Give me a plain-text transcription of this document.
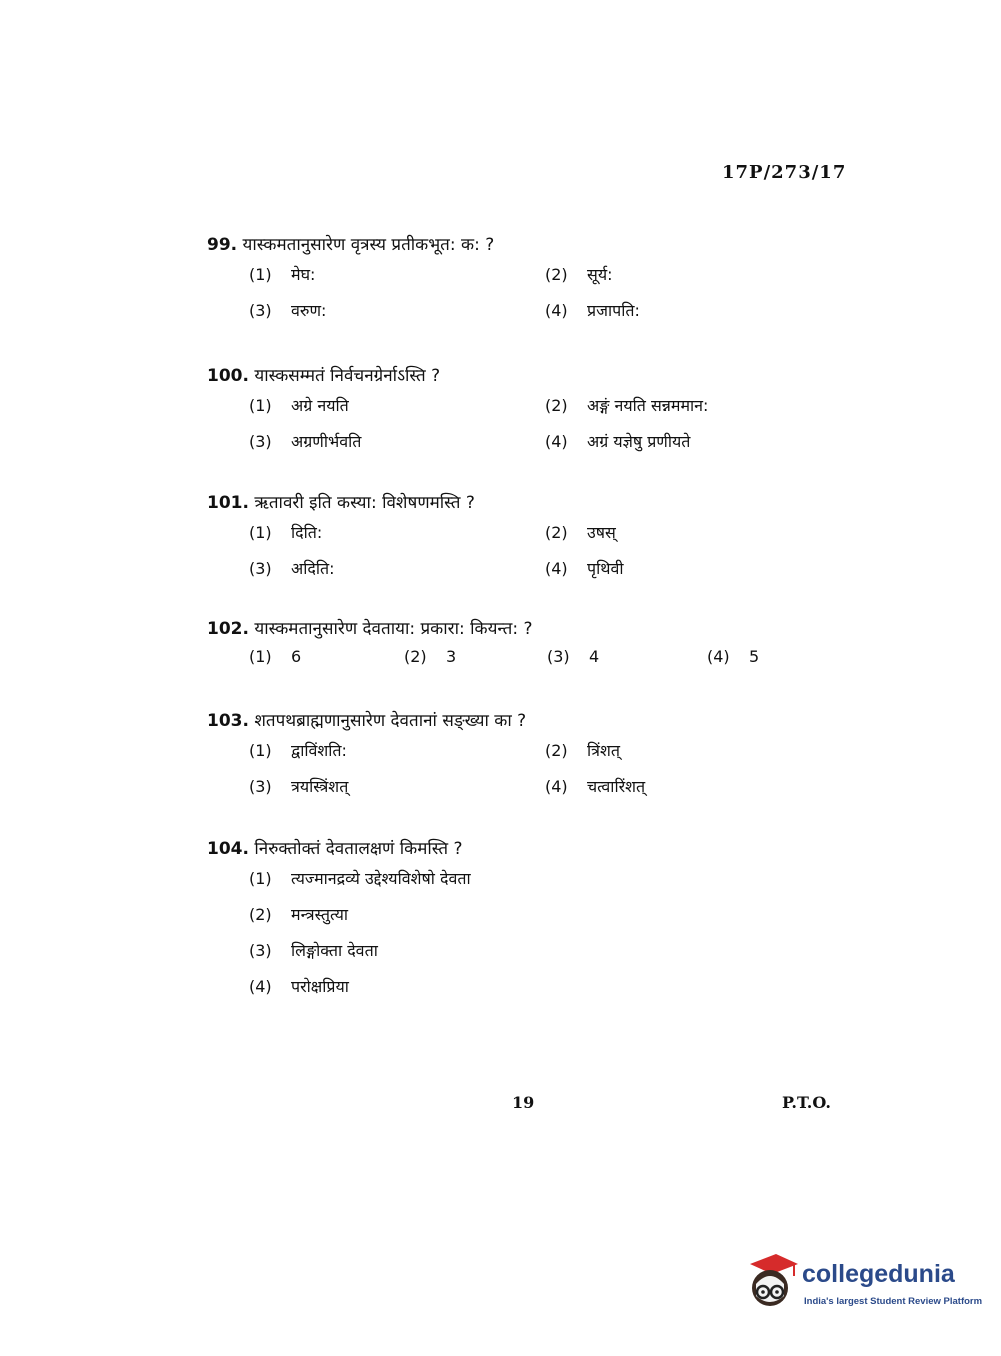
17P/273/17
99. यास्कमतानुसारेण वृत्रस्य प्रतीकभूत: क: ?
(1) मेघ:	(2) सूर्य:
(3) वरुण:	(4) प्रजापति:
100. यास्कसम्मतं निर्वचनग्रेर्नाऽस्ति ?
(1) अग्रे नयति	(2) अङ्गं नयति सन्नममान:
(3) अग्रणीर्भवति	(4) अग्रं यज्ञेषु प्रणीयते
101. ऋतावरी इति कस्या: विशेषणमस्ति ?
(1) दिति:	(2) उषस्
(3) अदिति:	(4) पृथिवी
102. यास्कमतानुसारेण देवताया: प्रकारा: कियन्त: ?
(1) 6	(2) 3	(3) 4	(4) 5
103. शतपथब्राह्मणानुसारेण देवतानां सङ्ख्या का ?
(1) द्वाविंशति:	(2) त्रिंशत्
(3) त्रयस्त्रिंशत्	(4) चत्वारिंशत्
104. निरुक्तोक्तं देवतालक्षणं किमस्ति ?
(1) त्यज्मानद्रव्ये उद्देश्यविशेषो देवता
(2) मन्त्रस्तुत्या
(3) लिङ्गोक्ता देवता
(4) परोक्षप्रिया
19	P.T.O.
collegedunia
India's largest Student Review Platform
